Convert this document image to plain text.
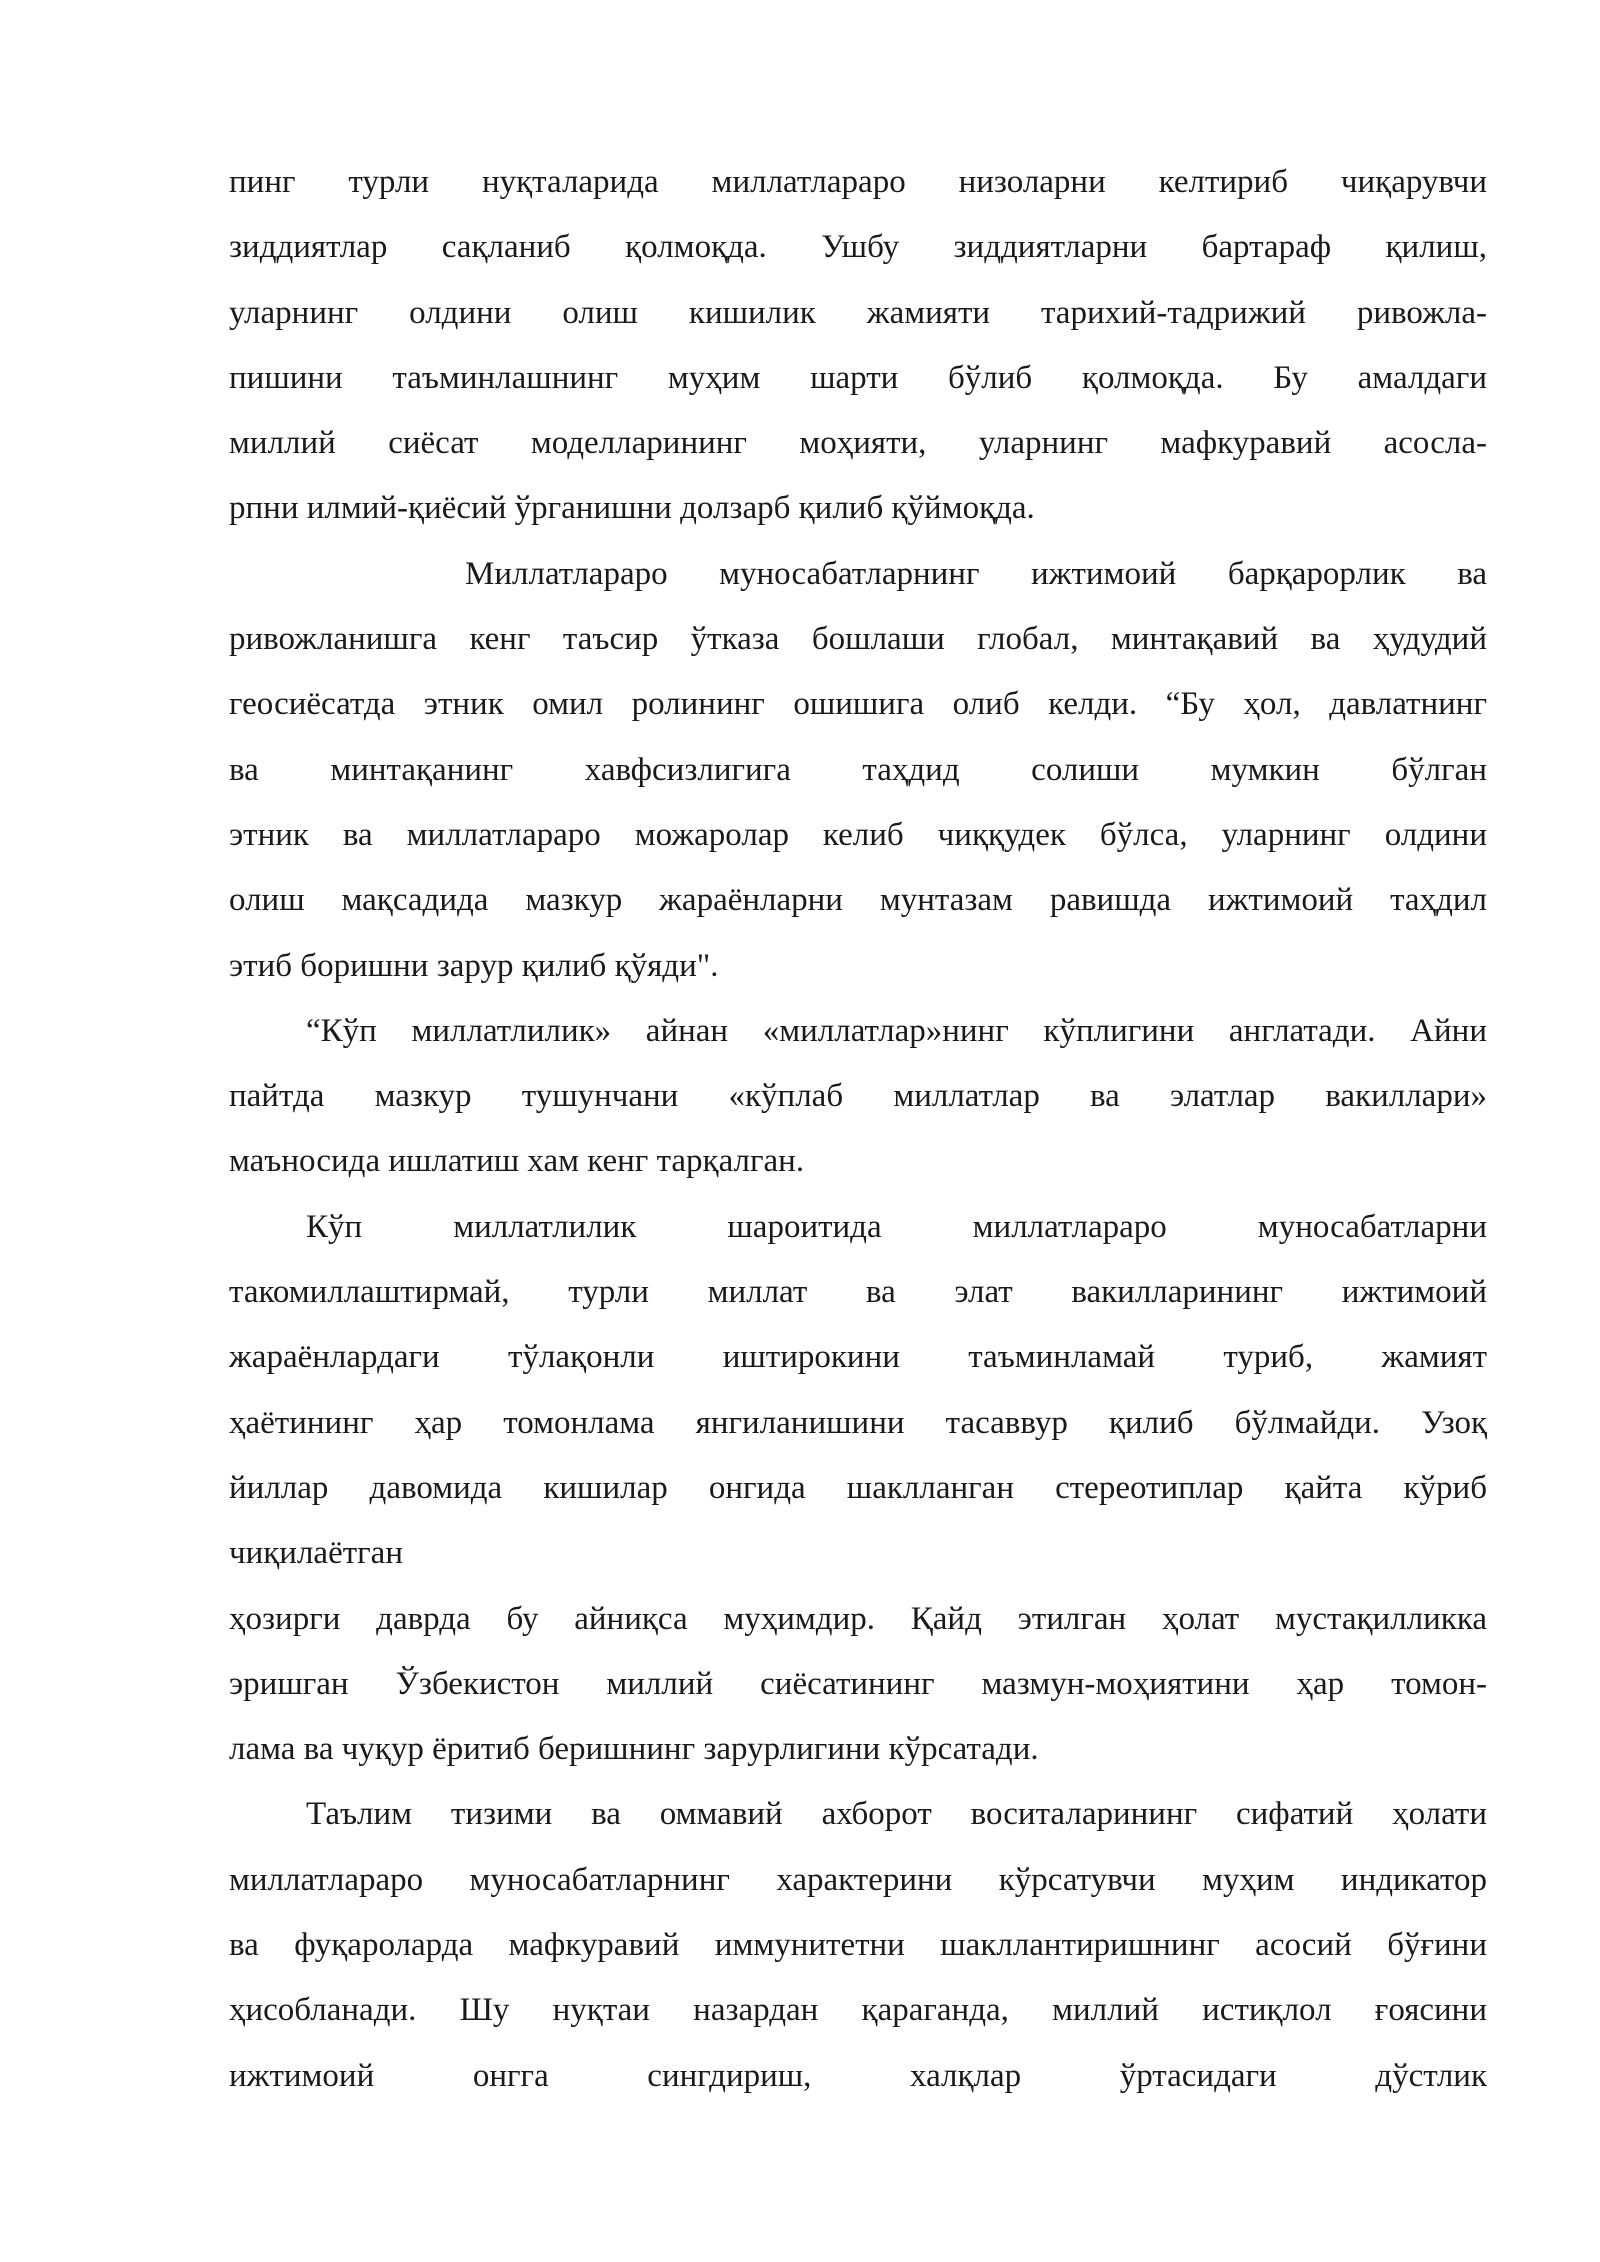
пинг турли нуқталарида миллатлараро низоларни келтириб чиқарувчи
зиддиятлар сақланиб қолмоқда. Ушбу зиддиятларни бартараф қилиш,
уларнинг олдини олиш кишилик жамияти тарихий-тадрижий ривожла-
пишини таъминлашнинг муҳим шарти бўлиб қолмоқда. Бу амалдаги
миллий сиёсат моделларининг моҳияти, уларнинг мафкуравий асосла-
рпни илмий-қиёсий ўрганишни долзарб қилиб қўймоқда.
Миллатлараро муносабатларнинг ижтимоий барқарорлик ва
ривожланишга кенг таъсир ўтказа бошлаши глобал, минтақавий ва ҳудудий
геосиёсатда этник омил ролининг ошишига олиб келди. “Бу ҳол, давлатнинг
ва минтақанинг хавфсизлигига таҳдид солиши мумкин бўлган
этник ва миллатлараро можаролар келиб чиққудек бўлса, уларнинг олдини
олиш мақсадида мазкур жараёнларни мунтазам равишда ижтимоий таҳдил
этиб боришни зарур қилиб қўяди".
“Кўп миллатлилик» айнан «миллатлар»нинг кўплигини англатади. Айни
пайтда мазкур тушунчани «кўплаб миллатлар ва элатлар вакиллари»
маъносида ишлатиш хам кенг тарқалган.
Кўп миллатлилик шароитида миллатлараро муносабатларни
такомиллаштирмай, турли миллат ва элат вакилларининг ижтимоий
жараёнлардаги тўлақонли иштирокини таъминламай туриб, жамият
ҳаётининг ҳар томонлама янгиланишини тасаввур қилиб бўлмайди. Узоқ
йиллар давомида кишилар онгида шаклланган стереотиплар қайта кўриб
чиқилаётган
ҳозирги даврда бу айниқса муҳимдир. Қайд этилган ҳолат мустақилликка
эришган Ўзбекистон миллий сиёсатининг мазмун-моҳиятини ҳар томон-
лама ва чуқур ёритиб беришнинг зарурлигини кўрсатади.
Таълим тизими ва оммавий ахборот воситаларининг сифатий ҳолати
миллатлараро муносабатларнинг характерини кўрсатувчи муҳим индикатор
ва фуқароларда мафкуравий иммунитетни шакллантиришнинг асосий бўғини
ҳисобланади. Шу нуқтаи назардан қараганда, миллий истиқлол ғоясини
ижтимоий онгга сингдириш, халқлар ўртасидаги дўстлик
